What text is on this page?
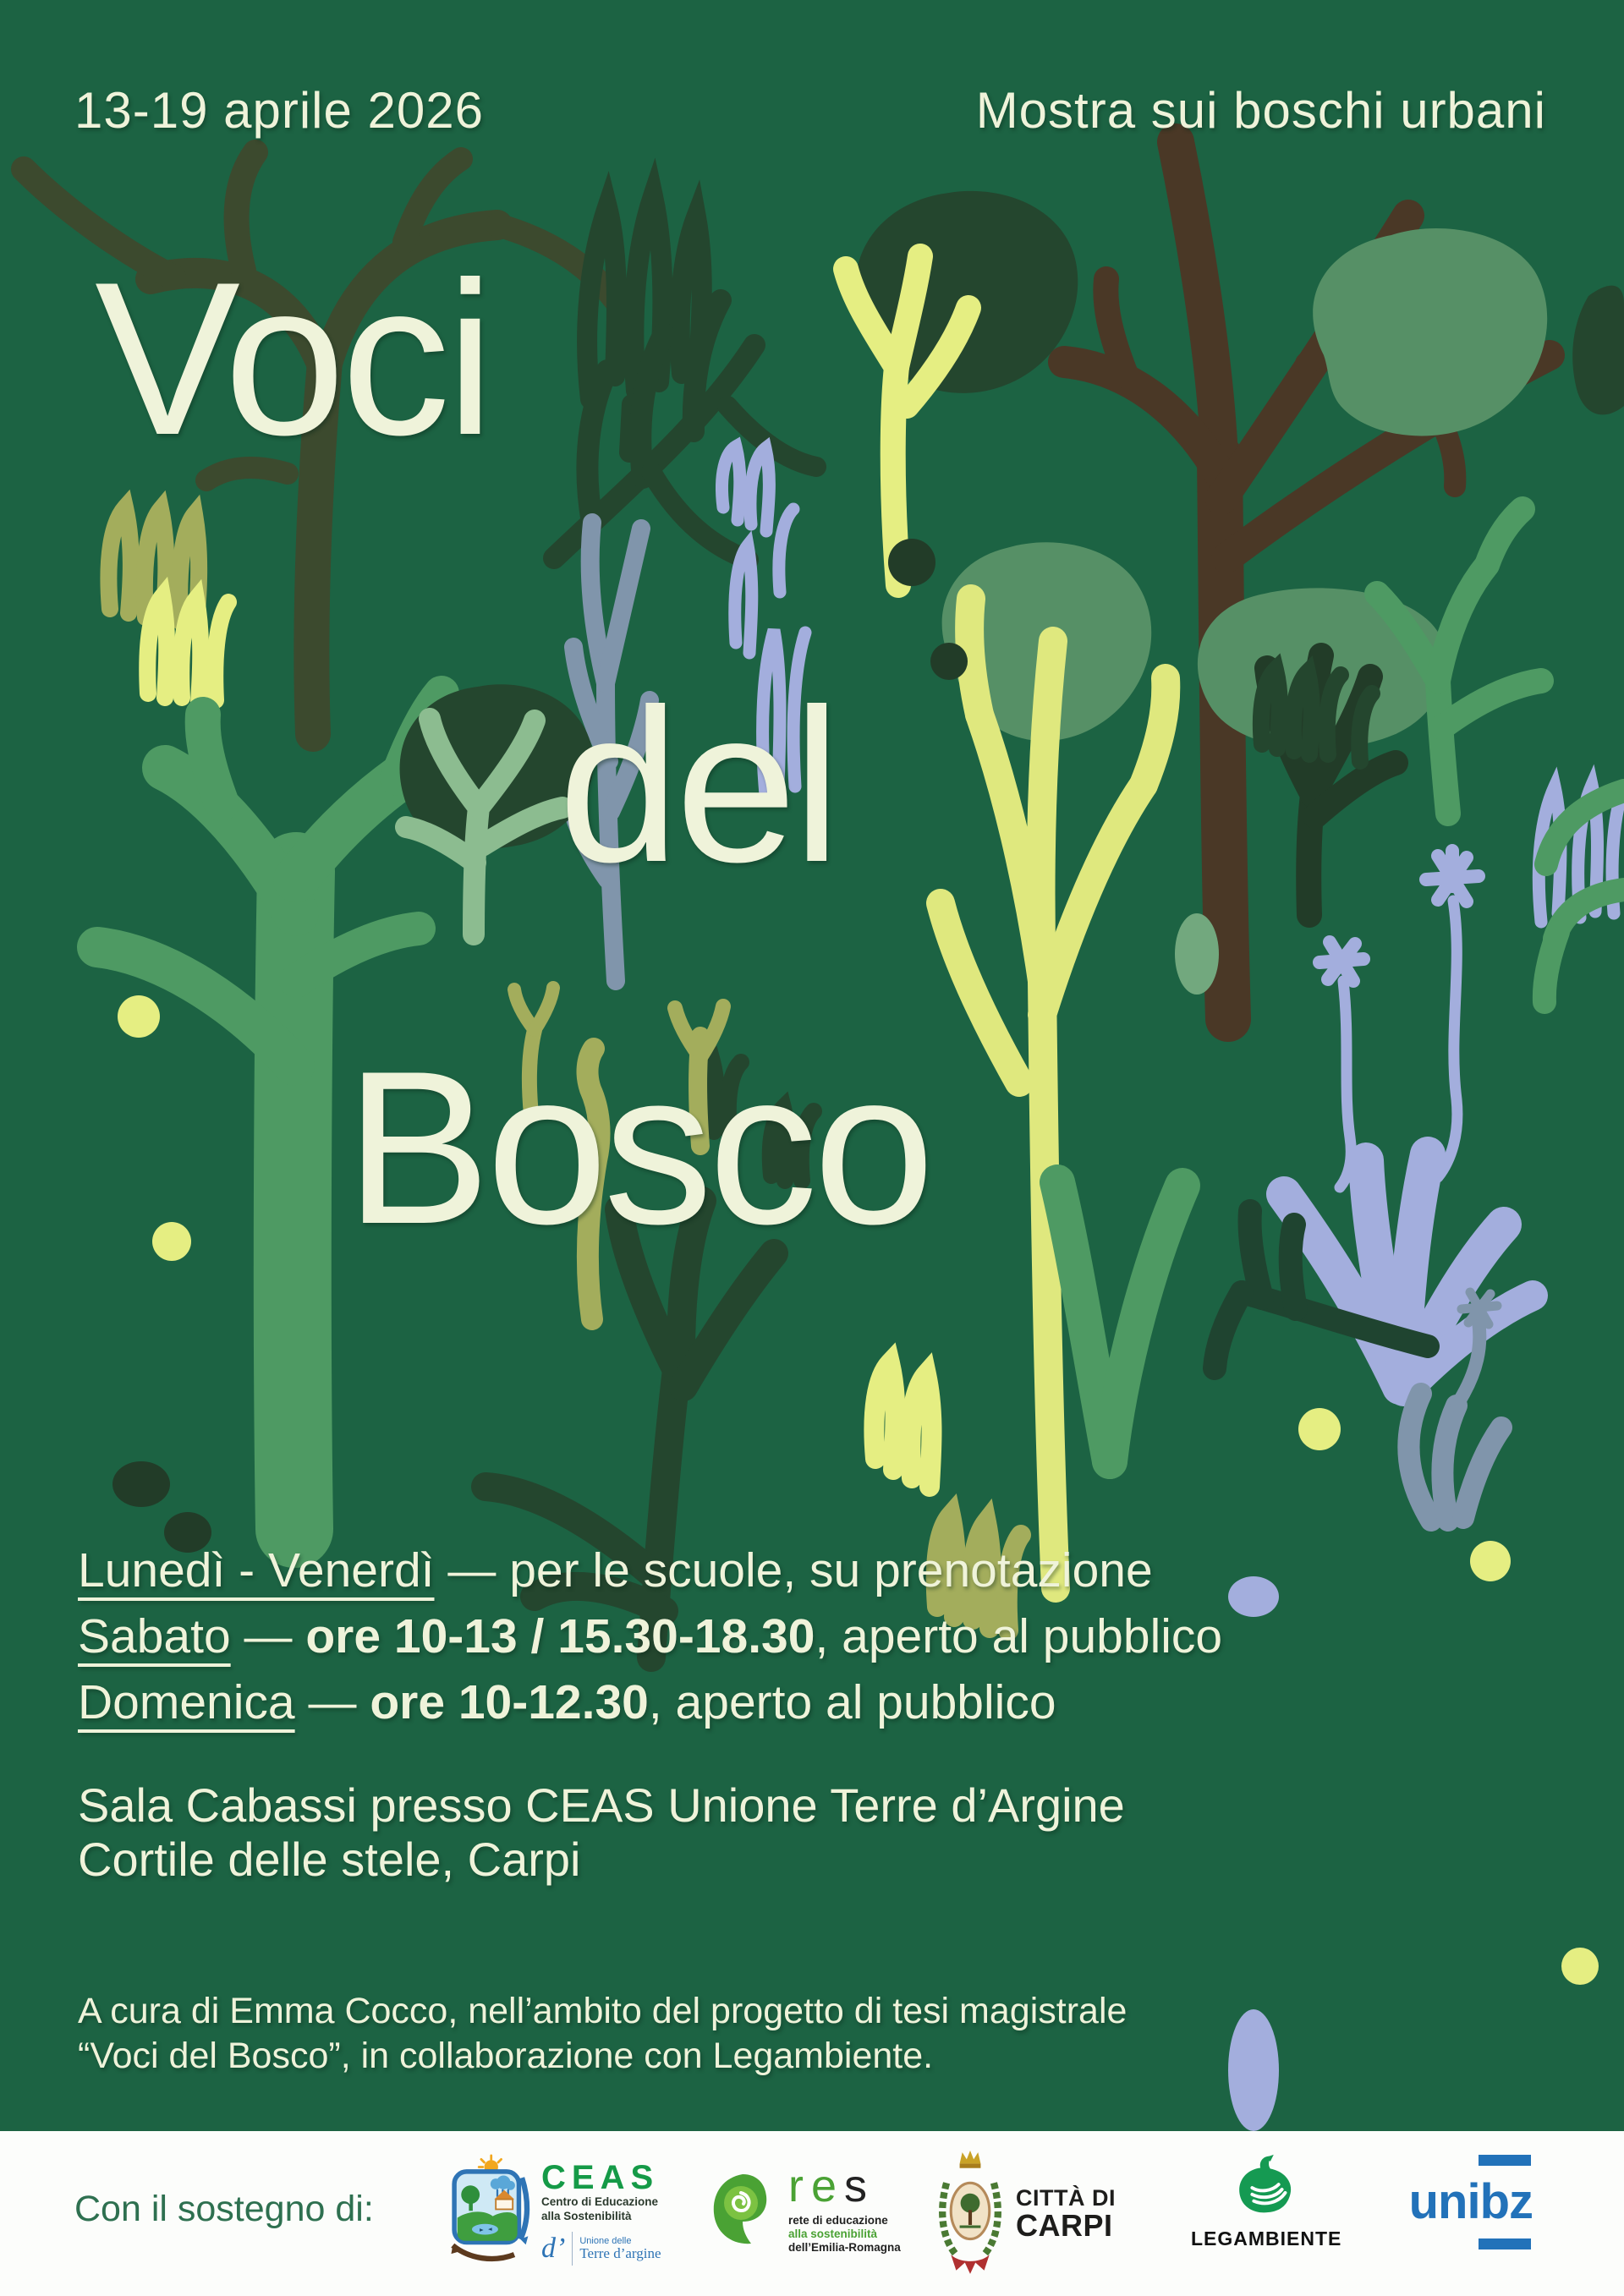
13-19 aprile 2026	Mostra sui boschi urbani
Voci
del
Bosco
Lunedì - Venerdì — per le scuole, su prenotazione
Sabato — ore 10-13 / 15.30-18.30, aperto al pubblico
Domenica — ore 10-12.30, aperto al pubblico
Sala Cabassi presso CEAS Unione Terre d’Argine
Cortile delle stele, Carpi
A cura di Emma Cocco, nell’ambito del progetto di tesi magistrale
“Voci del Bosco”, in collaborazione con Legambiente.
Con il sostegno di:
CEAS
Centro di Educazione
alla Sostenibilità
d’ Unione delle
Terre d’argine
res
rete di educazione
alla sostenibilità
dell’Emilia-Romagna
CITTÀ DI
CARPI	LEGAMBIENTE
unibz
